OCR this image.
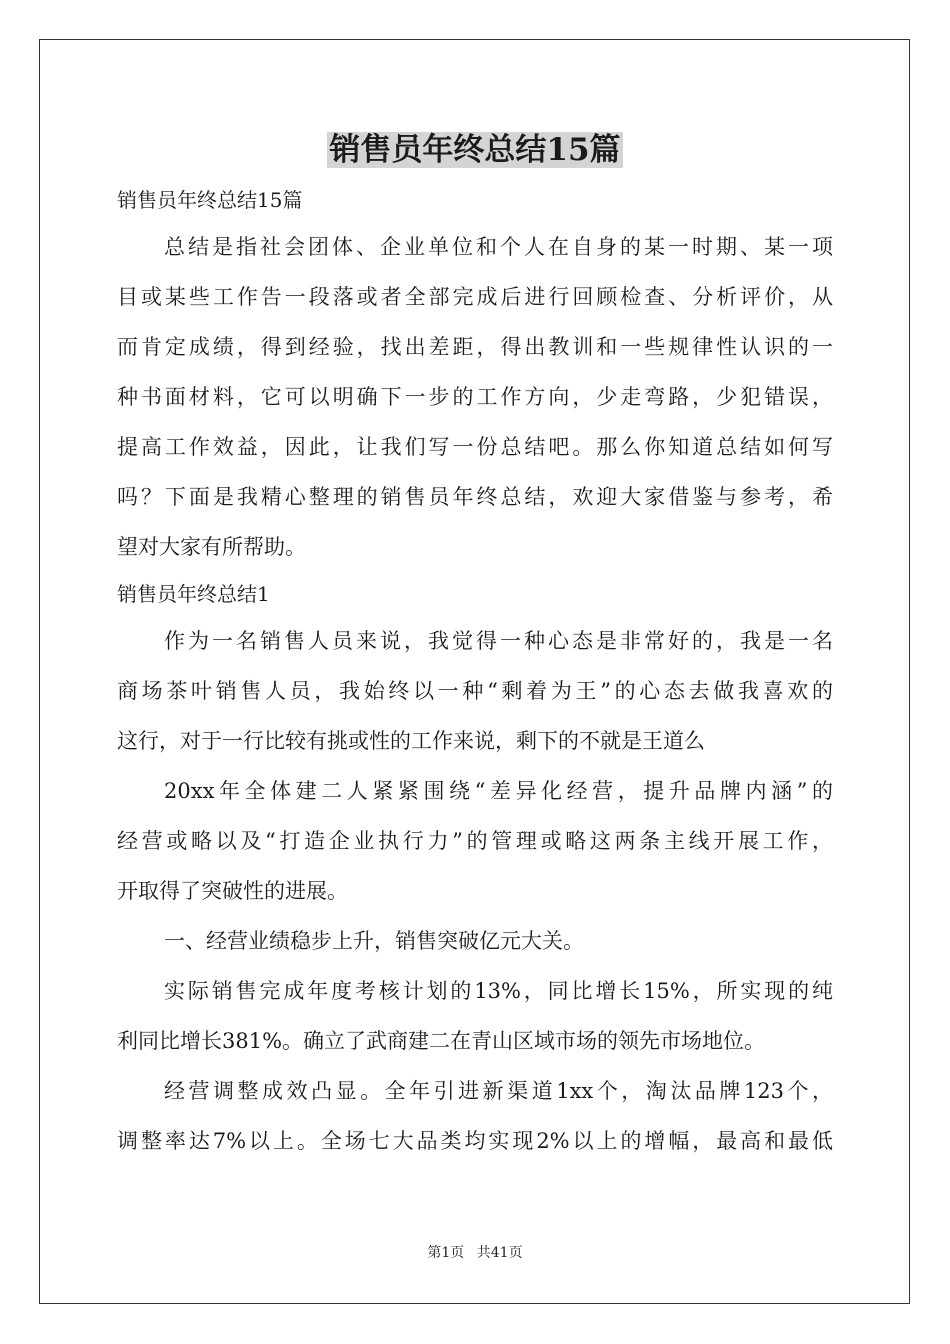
销售员年终总结15篇
销售员年终总结15篇
总结是指社会团体、企业单位和个人在自身的某一时期、某一项
目或某些工作告一段落或者全部完成后进行回顾检查、分析评价，从
而肯定成绩，得到经验，找出差距，得出教训和一些规律性认识的一
种书面材料，它可以明确下一步的工作方向，少走弯路，少犯错误，
提高工作效益，因此，让我们写一份总结吧。那么你知道总结如何写
吗？下面是我精心整理的销售员年终总结，欢迎大家借鉴与参考，希
望对大家有所帮助。
销售员年终总结1
作为一名销售人员来说，我觉得一种心态是非常好的，我是一名
商场茶叶销售人员，我始终以一种“剩着为王”的心态去做我喜欢的
这行，对于一行比较有挑或性的工作来说，剩下的不就是王道么
20xx年全体建二人紧紧围绕“差异化经营，提升品牌内涵”的
经营或略以及“打造企业执行力”的管理或略这两条主线开展工作，
开取得了突破性的进展。
一、经营业绩稳步上升，销售突破亿元大关。
实际销售完成年度考核计划的13%，同比增长15%，所实现的纯
利同比增长381%。确立了武商建二在青山区域市场的领先市场地位。
经营调整成效凸显。全年引进新渠道1xx个，淘汰品牌123个，
调整率达7%以上。全场七大品类均实现2%以上的增幅，最高和最低
第1页 共41页
